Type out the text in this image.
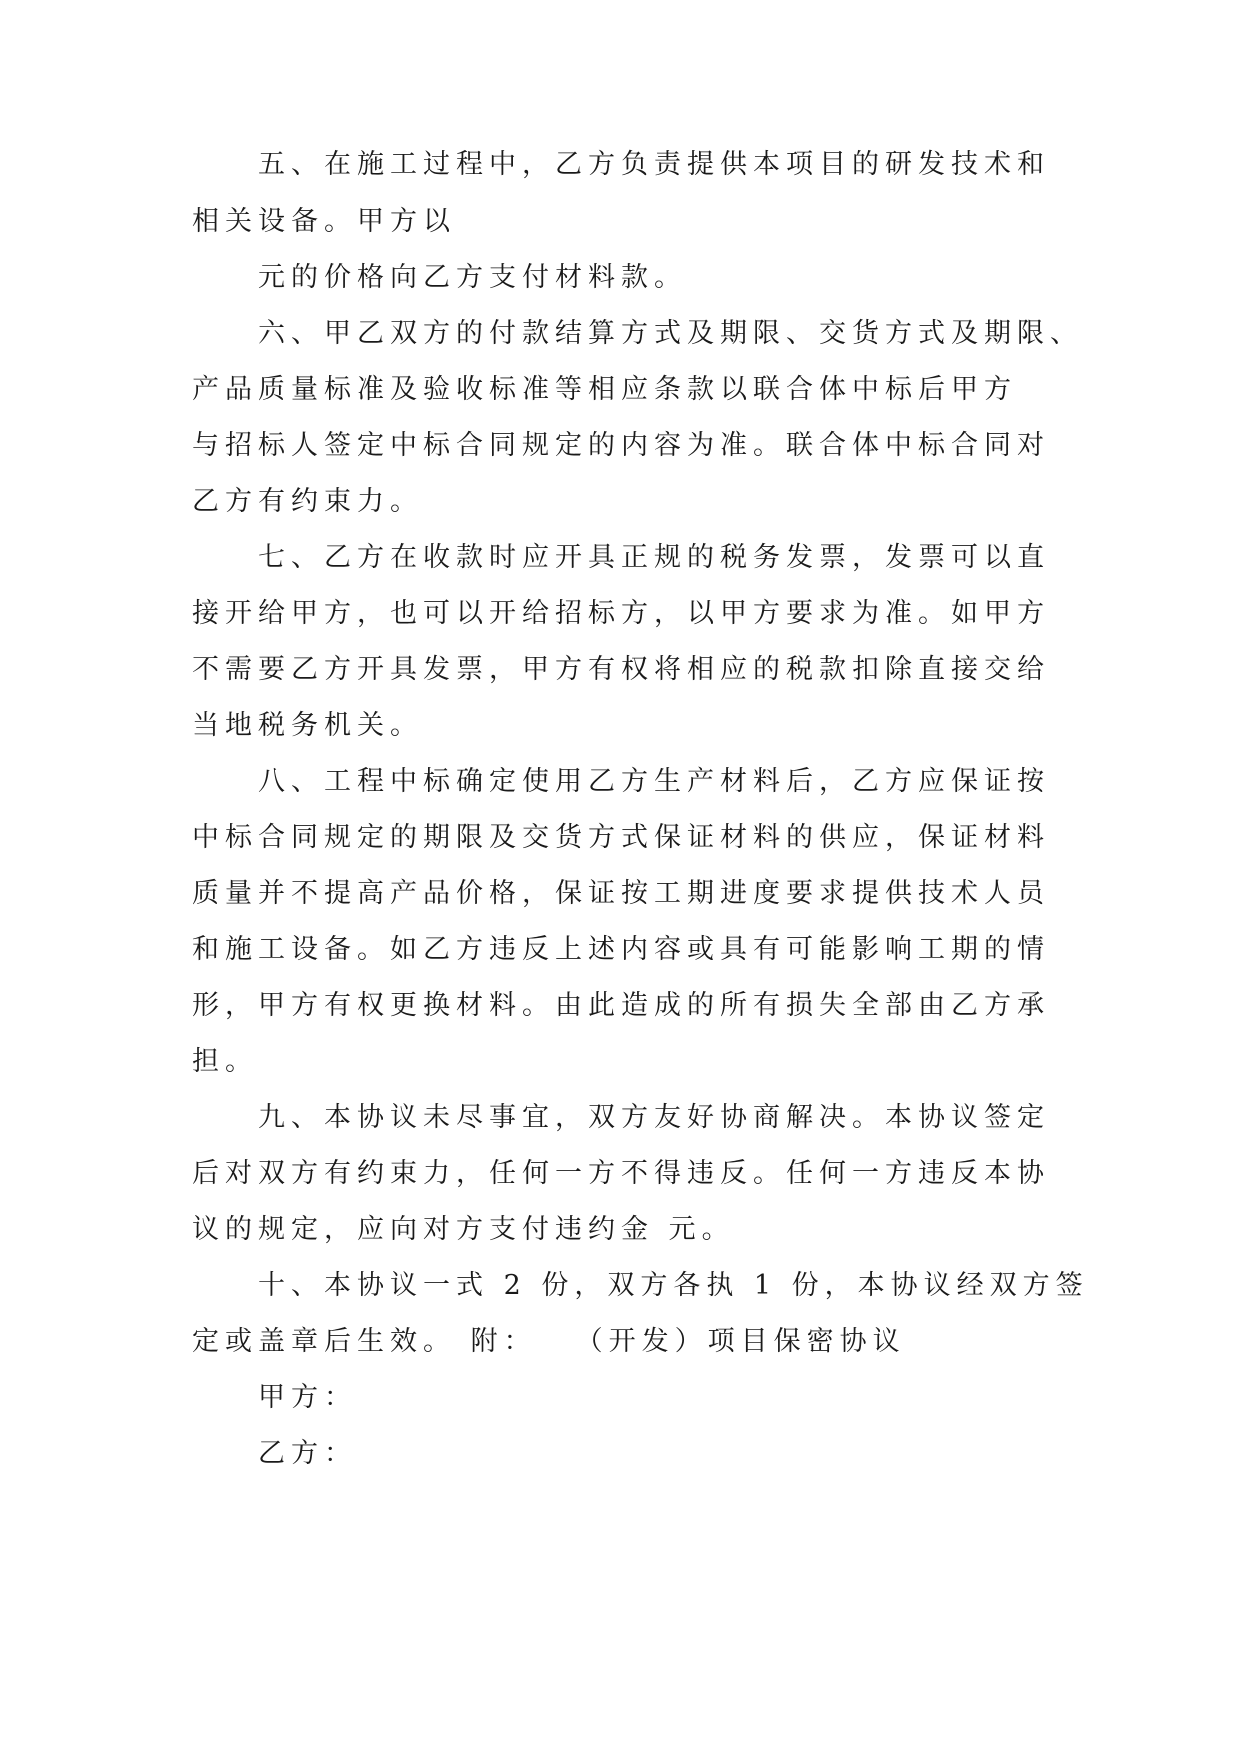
五、在施工过程中，乙方负责提供本项目的研发技术和
相关设备。甲方以
元的价格向乙方支付材料款。
六、甲乙双方的付款结算方式及期限、交货方式及期限、
产品质量标准及验收标准等相应条款以联合体中标后甲方
与招标人签定中标合同规定的内容为准。联合体中标合同对
乙方有约束力。
七、乙方在收款时应开具正规的税务发票，发票可以直
接开给甲方，也可以开给招标方，以甲方要求为准。如甲方
不需要乙方开具发票，甲方有权将相应的税款扣除直接交给
当地税务机关。
八、工程中标确定使用乙方生产材料后，乙方应保证按
中标合同规定的期限及交货方式保证材料的供应，保证材料
质量并不提高产品价格，保证按工期进度要求提供技术人员
和施工设备。如乙方违反上述内容或具有可能影响工期的情
形，甲方有权更换材料。由此造成的所有损失全部由乙方承
担。
九、本协议未尽事宜，双方友好协商解决。本协议签定
后对双方有约束力，任何一方不得违反。任何一方违反本协
议的规定，应向对方支付违约金 元。
十、本协议一式 2 份，双方各执 1 份，本协议经双方签
定或盖章后生效。 附：　　（开发）项目保密协议
甲方：
乙方：
